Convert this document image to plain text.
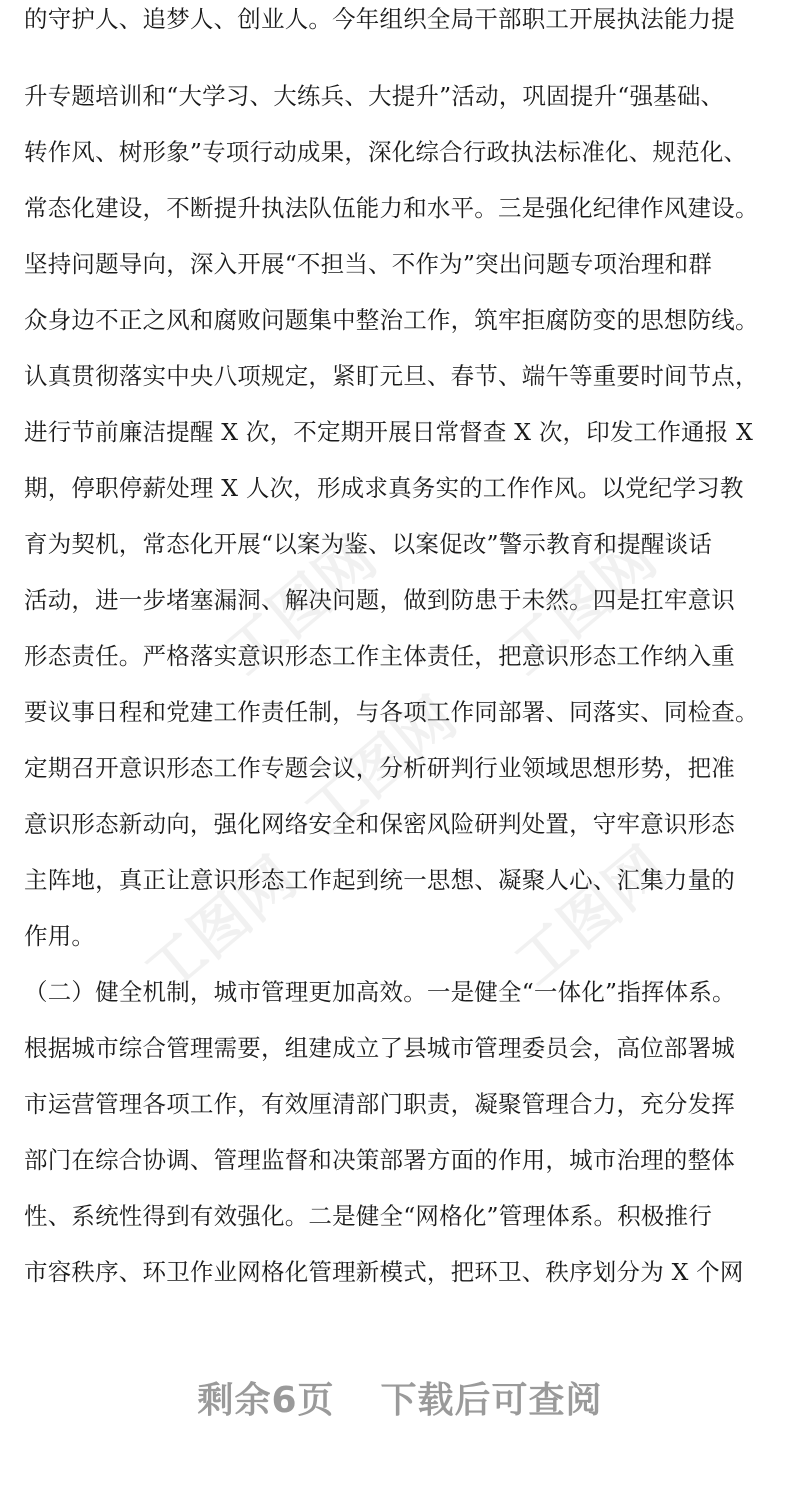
的守护人、追梦人、创业人。今年组织全局干部职工开展执法能力提
升专题培训和“大学习、大练兵、大提升”活动，巩固提升“强基础、
转作风、树形象”专项行动成果，深化综合行政执法标准化、规范化、
常态化建设，不断提升执法队伍能力和水平。三是强化纪律作风建设。
坚持问题导向，深入开展“不担当、不作为”突出问题专项治理和群
众身边不正之风和腐败问题集中整治工作，筑牢拒腐防变的思想防线。
认真贯彻落实中央八项规定，紧盯元旦、春节、端午等重要时间节点，
进行节前廉洁提醒 X 次，不定期开展日常督查 X 次，印发工作通报 X
期，停职停薪处理 X 人次，形成求真务实的工作作风。以党纪学习教
育为契机，常态化开展“以案为鉴、以案促改”警示教育和提醒谈话
活动，进一步堵塞漏洞、解决问题，做到防患于未然。四是扛牢意识
形态责任。严格落实意识形态工作主体责任，把意识形态工作纳入重
要议事日程和党建工作责任制，与各项工作同部署、同落实、同检查。
定期召开意识形态工作专题会议，分析研判行业领域思想形势，把准
意识形态新动向，强化网络安全和保密风险研判处置，守牢意识形态
主阵地，真正让意识形态工作起到统一思想、凝聚人心、汇集力量的
作用。
（二）健全机制，城市管理更加高效。一是健全“一体化”指挥体系。
根据城市综合管理需要，组建成立了县城市管理委员会，高位部署城
市运营管理各项工作，有效厘清部门职责，凝聚管理合力，充分发挥
部门在综合协调、管理监督和决策部署方面的作用，城市治理的整体
性、系统性得到有效强化。二是健全“网格化”管理体系。积极推行
市容秩序、环卫作业网格化管理新模式，把环卫、秩序划分为 X 个网
工图网 工图网
工图网
工图网	工图网
剩余6页 下载后可查阅
